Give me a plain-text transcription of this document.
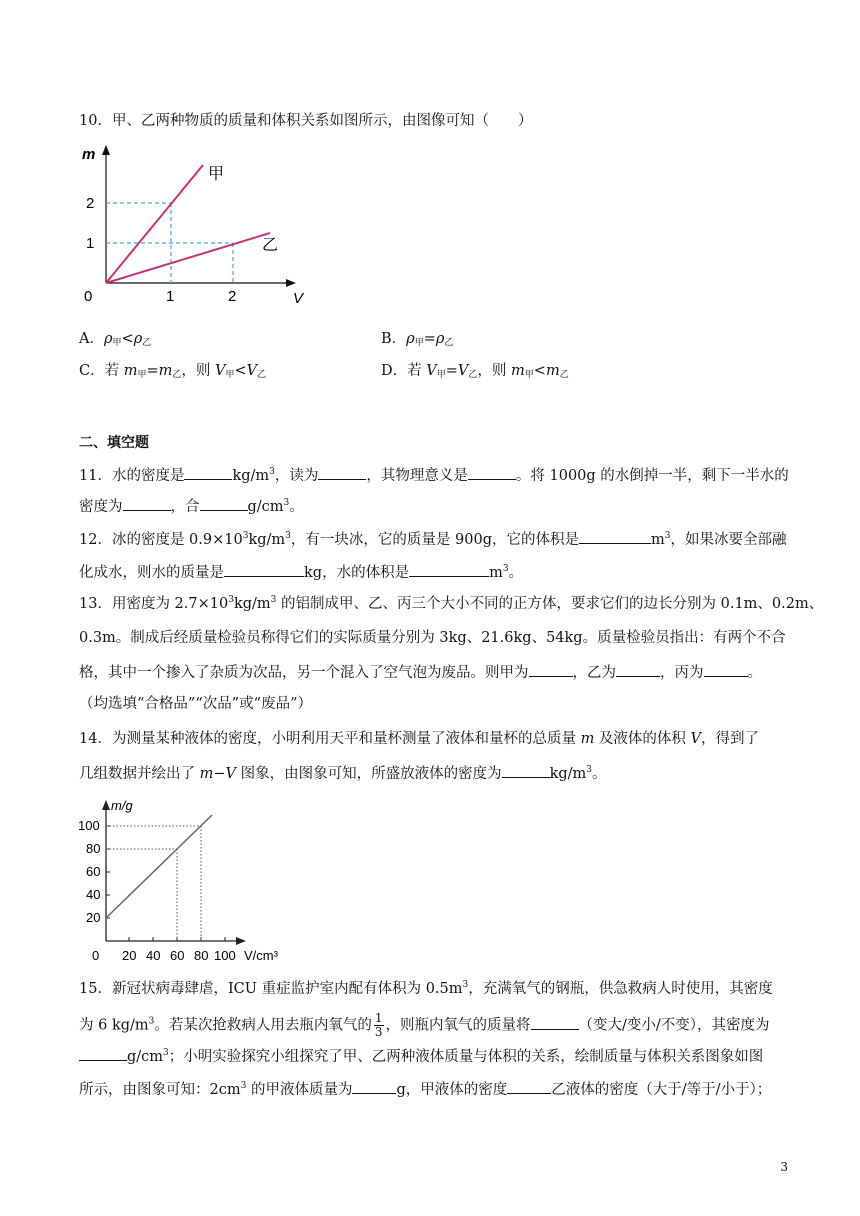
10．甲、乙两种物质的质量和体积关系如图所示，由图像可知（　　）
m
V
0
2
1
1	2
甲
乙
A．$\rho_甲<\rho_乙$	B．$\rho_甲=\rho_乙$
C．若 $m_甲=m_乙$，则 $V_甲<V_乙$	D．若 $V_甲=V_乙$，则 $m_甲<m_乙$
二、填空题
11．水的密度是	$kg/m^3$，读为	，其物理意义是	。将 1000g 的水倒掉一半，剩下一半水的
密度为	，合	$g/cm^3$。
12．冰的密度是 $0.9\times 10^3kg/m^3$，有一块冰，它的质量是 900g，它的体积是	$m^3$，如果冰要全部融
化成水，则水的质量是	kg，水的体积是	$m^3$。
13．用密度为 $2.7\times 10^3kg/m^3$ 的铝制成甲、乙、丙三个大小不同的正方体，要求它们的边长分别为 0.1m、0.2m、
0.3m。制成后经质量检验员称得它们的实际质量分别为 3kg、21.6kg、54kg。质量检验员指出：有两个不合
格，其中一个掺入了杂质为次品，另一个混入了空气泡为废品。则甲为	，乙为	，丙为	。
（均选填“合格品”“次品”或“废品”）
14．为测量某种液体的密度，小明利用天平和量杯测量了液体和量杯的总质量 m 及液体的体积 V，得到了
几组数据并绘出了 m−V 图象，由图象可知，所盛放液体的密度为	$kg/m^3$。
m/g
V/cm³
100
80
60
40
20
0 20 40 60 80 100
15．新冠状病毒肆虐，ICU 重症监护室内配有体积为 $0.5m^3$，充满氧气的钢瓶，供急救病人时使用，其密度
为 6 $kg/m^3$。若某次抢救病人用去瓶内氧气的 $\frac{1}{3}$ ，则瓶内氧气的质量将	（变大/变小/不变），其密度为
$g/cm^3$；小明实验探究小组探究了甲、乙两种液体质量与体积的关系，绘制质量与体积关系图象如图
所示，由图象可知：$2cm^3$ 的甲液体质量为	g，甲液体的密度	乙液体的密度（大于/等于/小于）；
3
